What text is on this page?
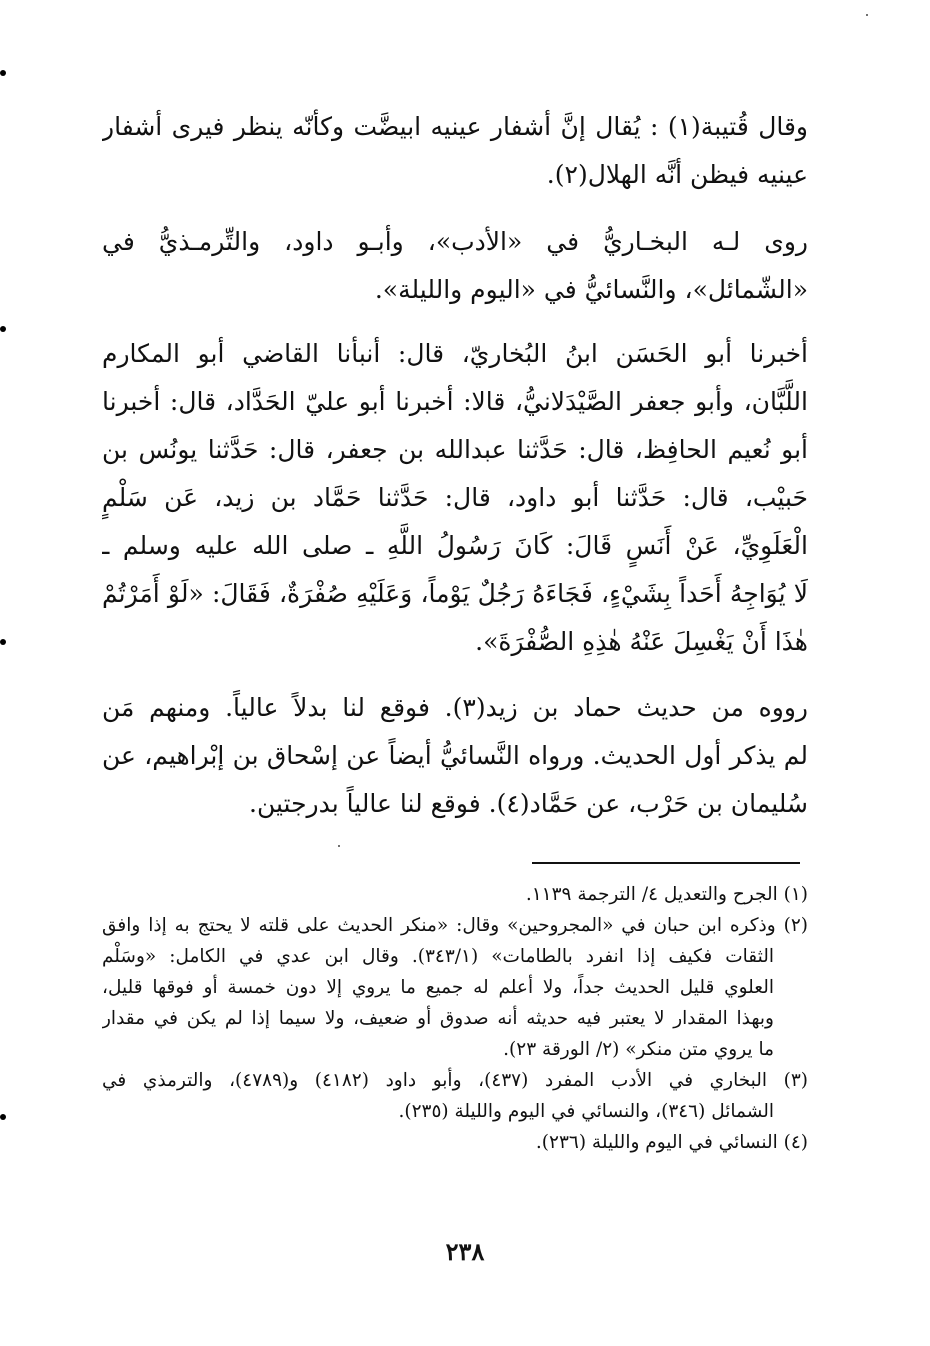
وقال قُتيبة(١) : يُقال إنَّ أشفار عينيه ابيضَّت وكأنّه ينظر فيرى أشفار
عينيه فيظن أنَّه الهلال(٢).
روى لـه البخـاريُّ في «الأدب»، وأبـو داود، والتِّرمـذيُّ في
«الشّمائل»، والنَّسائيُّ في «اليوم والليلة».
أخبرنا أبو الحَسَن ابنُ البُخاريّ، قال: أنبأنا القاضي أبو المكارم
اللَّبَّان، وأبو جعفر الصَّيْدَلانيُّ، قالا: أخبرنا أبو عليّ الحَدَّاد، قال: أخبرنا
أبو نُعيم الحافِظ، قال: حَدَّثنا عبدالله بن جعفر، قال: حَدَّثنا يونُس بن
حَبيْب، قال: حَدَّثنا أبو داود، قال: حَدَّثنا حَمَّاد بن زيد، عَن سَلْمٍ
الْعَلَوِيِّ، عَنْ أَنَسٍ قَالَ: كَانَ رَسُولُ اللَّهِ ـ صلى الله عليه وسلم ـ
لَا يُوَاجِهُ أَحَداً بِشَيْءٍ، فَجَاءَهُ رَجُلٌ يَوْماً، وَعَلَيْهِ صُفْرَةٌ، فَقَالَ: «لَوْ أَمَرْتُمْ
هٰذَا أَنْ يَغْسِلَ عَنْهُ هٰذِهِ الصُّفْرَةَ».
رووه من حديث حماد بن زيد(٣). فوقع لنا بدلاً عالياً. ومنهم مَن
لم يذكر أول الحديث. ورواه النَّسائيُّ أيضاً عن إسْحاق بن إبْراهيم، عن
سُليمان بن حَرْب، عن حَمَّاد(٤). فوقع لنا عالياً بدرجتين.
(١) الجرح والتعديل ٤/ الترجمة ١١٣٩.
(٢) وذكره ابن حبان في «المجروحين» وقال: «منكر الحديث على قلته لا يحتج به إذا وافق
الثقات فكيف إذا انفرد بالطامات» (٣٤٣/١). وقال ابن عدي في الكامل: «وسَلْم
العلوي قليل الحديث جداً، ولا أعلم له جميع ما يروي إلا دون خمسة أو فوقها قليل،
وبهذا المقدار لا يعتبر فيه حديثه أنه صدوق أو ضعيف، ولا سيما إذا لم يكن في مقدار
ما يروي متن منكر» (٢/ الورقة ٢٣).
(٣) البخاري في الأدب المفرد (٤٣٧)، وأبو داود (٤١٨٢) و(٤٧٨٩)، والترمذي في
الشمائل (٣٤٦)، والنسائي في اليوم والليلة (٢٣٥).
(٤) النسائي في اليوم والليلة (٢٣٦).
٢٣٨
